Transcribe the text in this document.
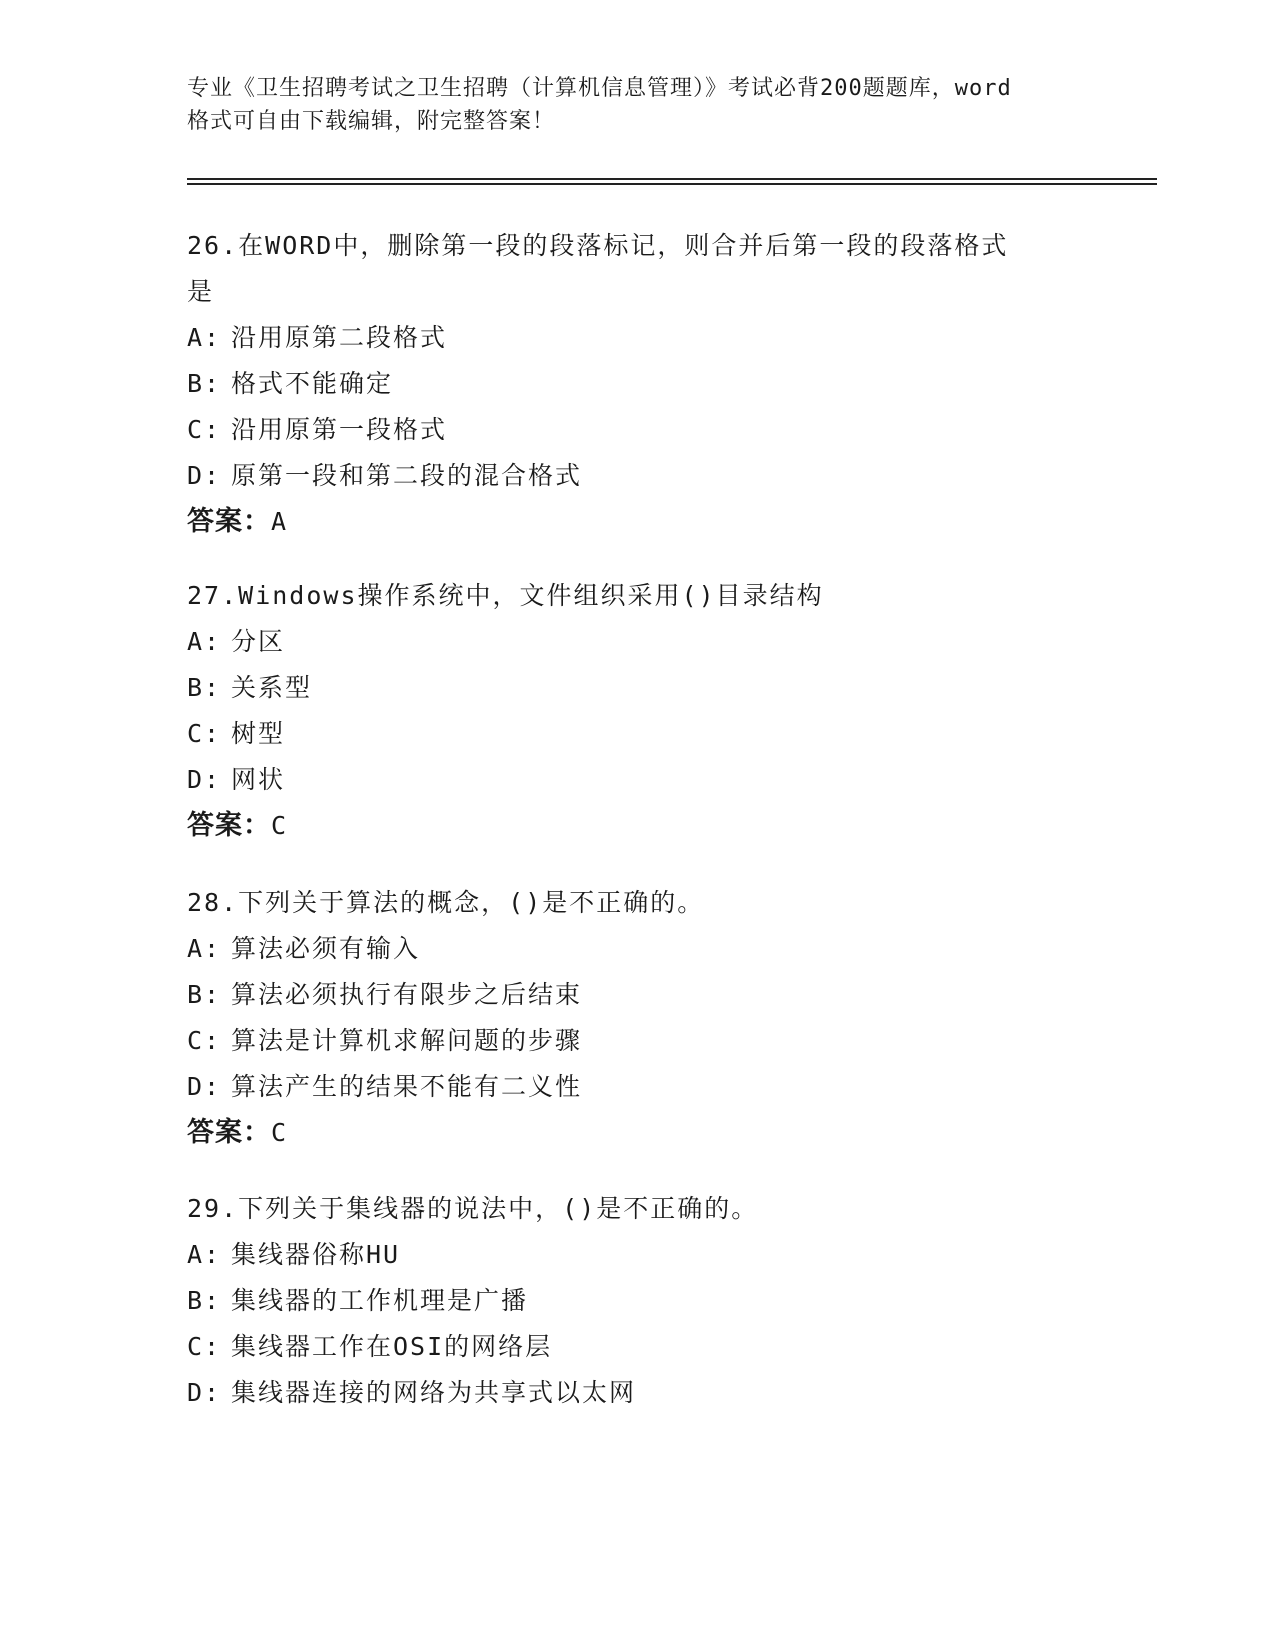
专业《卫生招聘考试之卫生招聘（计算机信息管理）》考试必背200题题库，word
格式可自由下载编辑，附完整答案！

26.在WORD中，删除第一段的段落标记，则合并后第一段的段落格式
是

A: 沿用原第二段格式

B: 格式不能确定

C: 沿用原第一段格式

D: 原第一段和第二段的混合格式

答案：A

27.Windows操作系统中，文件组织采用()目录结构

A: 分区

B: 关系型

C: 树型

D: 网状

答案：C

28.下列关于算法的概念，()是不正确的。

A: 算法必须有输入

B: 算法必须执行有限步之后结束

C: 算法是计算机求解问题的步骤

D: 算法产生的结果不能有二义性

答案：C

29.下列关于集线器的说法中，()是不正确的。

A: 集线器俗称HU

B: 集线器的工作机理是广播

C: 集线器工作在OSI的网络层

D: 集线器连接的网络为共享式以太网
